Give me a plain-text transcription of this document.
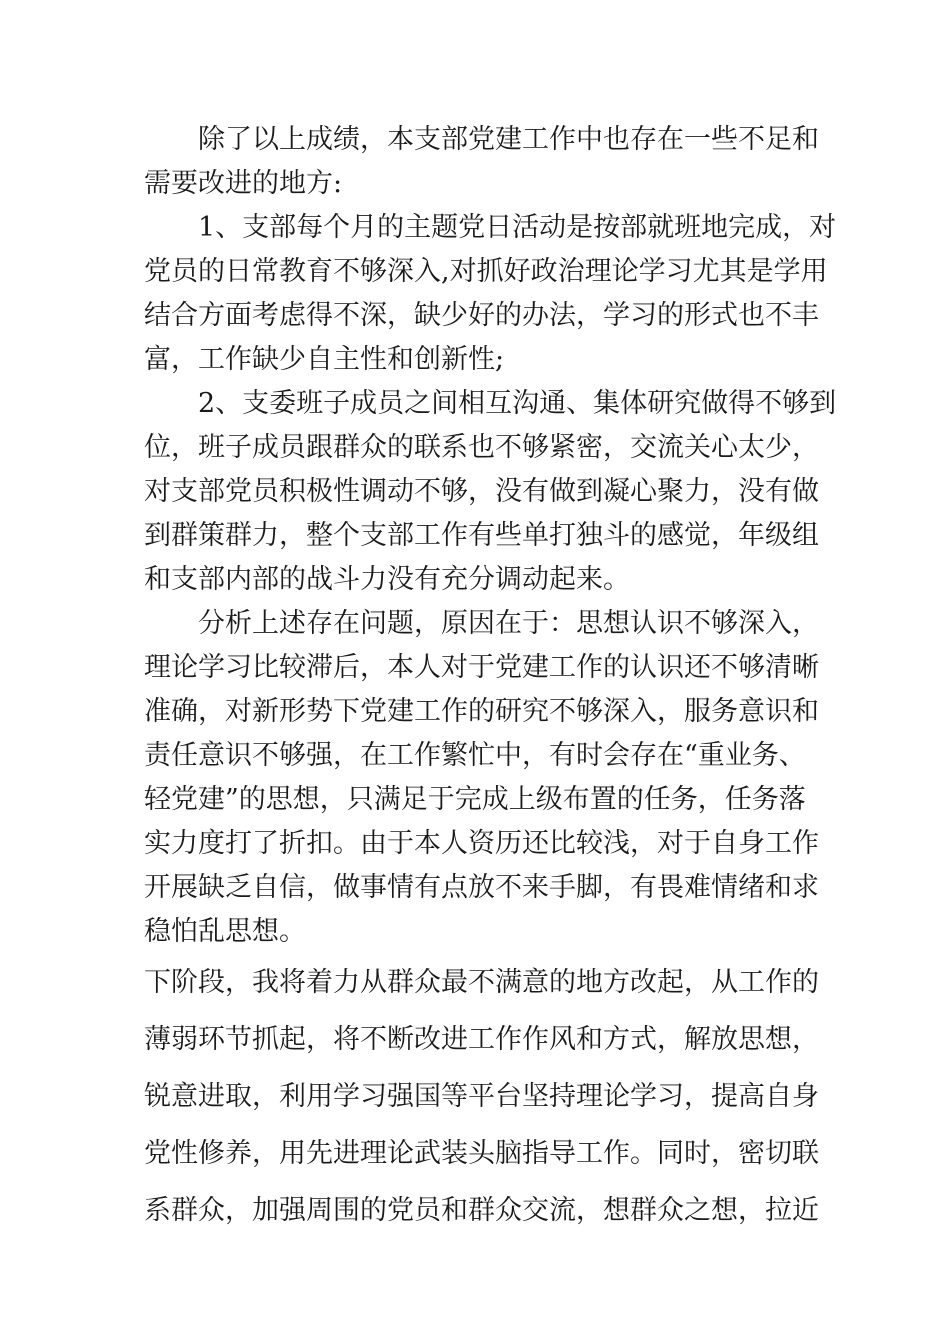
除了以上成绩，本支部党建工作中也存在一些不足和
需要改进的地方:
1、支部每个月的主题党日活动是按部就班地完成，对
党员的日常教育不够深入,对抓好政治理论学习尤其是学用
结合方面考虑得不深，缺少好的办法，学习的形式也不丰
富，工作缺少自主性和创新性;
2、支委班子成员之间相互沟通、集体研究做得不够到
位，班子成员跟群众的联系也不够紧密，交流关心太少，
对支部党员积极性调动不够，没有做到凝心聚力，没有做
到群策群力，整个支部工作有些单打独斗的感觉，年级组
和支部内部的战斗力没有充分调动起来。
分析上述存在问题，原因在于：思想认识不够深入，
理论学习比较滞后，本人对于党建工作的认识还不够清晰
准确，对新形势下党建工作的研究不够深入，服务意识和
责任意识不够强，在工作繁忙中，有时会存在“重业务、
轻党建”的思想，只满足于完成上级布置的任务，任务落
实力度打了折扣。由于本人资历还比较浅，对于自身工作
开展缺乏自信，做事情有点放不来手脚，有畏难情绪和求
稳怕乱思想。
下阶段，我将着力从群众最不满意的地方改起，从工作的
薄弱环节抓起，将不断改进工作作风和方式，解放思想，
锐意进取，利用学习强国等平台坚持理论学习，提高自身
党性修养，用先进理论武装头脑指导工作。同时，密切联
系群众，加强周围的党员和群众交流，想群众之想，拉近
